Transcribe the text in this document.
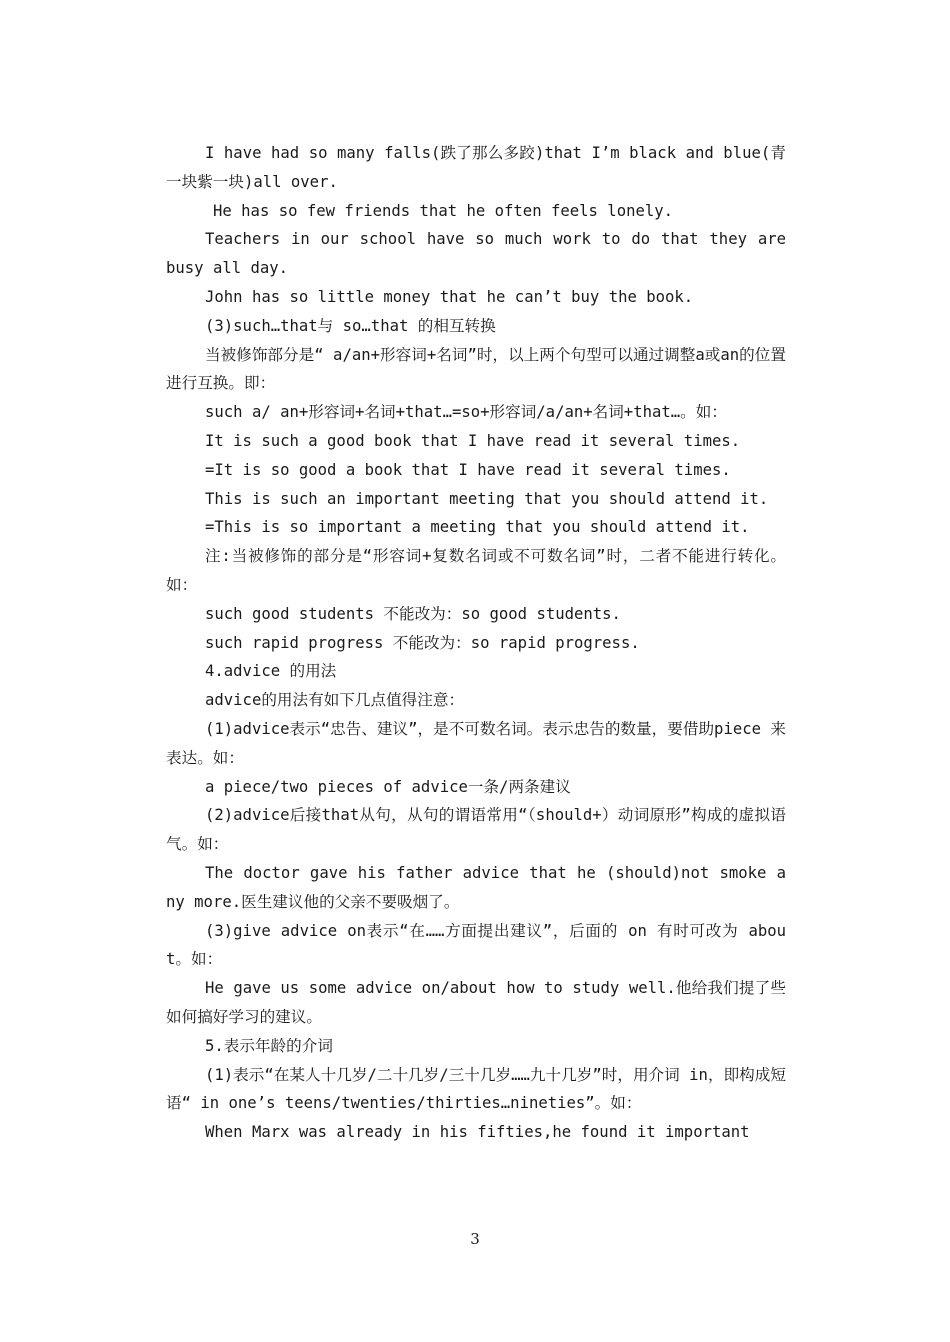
I have had so many falls(跌了那么多跤)that I’m black and blue(青一块紫一块)all over.

He has so few friends that he often feels lonely.

Teachers in our school have so much work to do that they are busy all day.

John has so little money that he can’t buy the book.

(3)such…that与 so…that 的相互转换

当被修饰部分是“ a/an+形容词+名词”时，以上两个句型可以通过调整a或an的位置进行互换。即：

such a/ an+形容词+名词+that…=so+形容词/a/an+名词+that…。如：

It is such a good book that I have read it several times.

=It is so good a book that I have read it several times.

This is such an important meeting that you should attend it.

=This is so important a meeting that you should attend it.

注:当被修饰的部分是“形容词+复数名词或不可数名词”时，二者不能进行转化。如：

such good students 不能改为：so good students.

such rapid progress 不能改为：so rapid progress.

4.advice 的用法

advice的用法有如下几点值得注意：

(1)advice表示“忠告、建议”，是不可数名词。表示忠告的数量，要借助piece 来表达。如：

a piece/two pieces of advice一条/两条建议

(2)advice后接that从句，从句的谓语常用“（should+）动词原形”构成的虚拟语气。如：

The doctor gave his father advice that he (should)not smoke any more.医生建议他的父亲不要吸烟了。

(3)give advice on表示“在……方面提出建议”，后面的 on 有时可改为 about。如：

He gave us some advice on/about how to study well.他给我们提了些如何搞好学习的建议。

5.表示年龄的介词

(1)表示“在某人十几岁/二十几岁/三十几岁……九十几岁”时，用介词 in，即构成短语“ in one’s teens/twenties/thirties…nineties”。如：

When Marx was already in his fifties,he found it important

3
